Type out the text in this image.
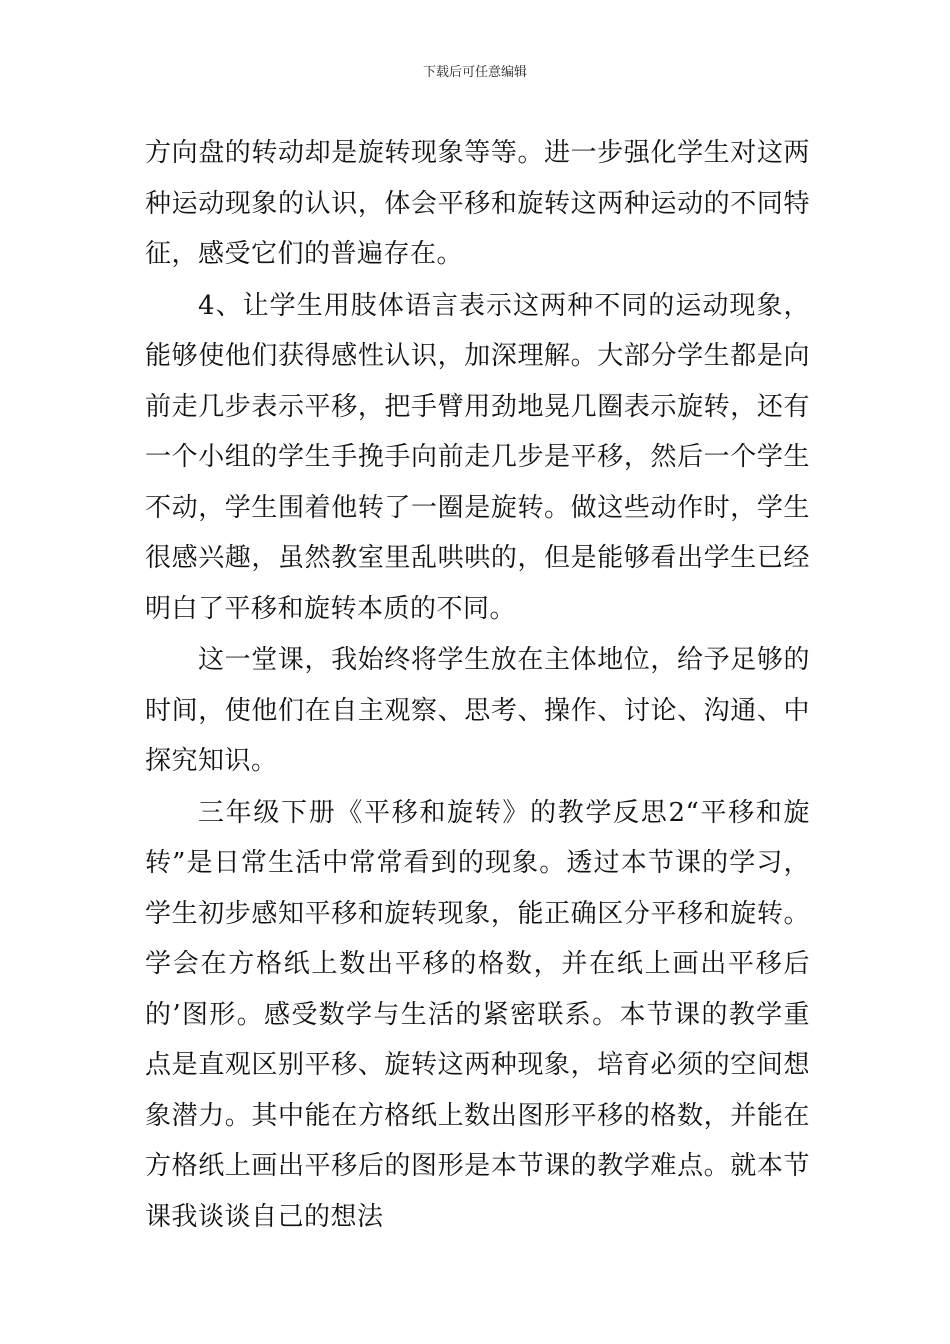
下载后可任意编辑

方向盘的转动却是旋转现象等等。进一步强化学生对这两种运动现象的认识，体会平移和旋转这两种运动的不同特征，感受它们的普遍存在。

4、让学生用肢体语言表示这两种不同的运动现象，能够使他们获得感性认识，加深理解。大部分学生都是向前走几步表示平移，把手臂用劲地晃几圈表示旋转，还有一个小组的学生手挽手向前走几步是平移，然后一个学生不动，学生围着他转了一圈是旋转。做这些动作时，学生很感兴趣，虽然教室里乱哄哄的，但是能够看出学生已经明白了平移和旋转本质的不同。

这一堂课，我始终将学生放在主体地位，给予足够的时间，使他们在自主观察、思考、操作、讨论、沟通、中探究知识。

三年级下册《平移和旋转》的教学反思2“平移和旋转”是日常生活中常常看到的现象。透过本节课的学习，学生初步感知平移和旋转现象，能正确区分平移和旋转。学会在方格纸上数出平移的格数，并在纸上画出平移后的’图形。感受数学与生活的紧密联系。本节课的教学重点是直观区别平移、旋转这两种现象，培育必须的空间想象潜力。其中能在方格纸上数出图形平移的格数，并能在方格纸上画出平移后的图形是本节课的教学难点。就本节课我谈谈自己的想法
